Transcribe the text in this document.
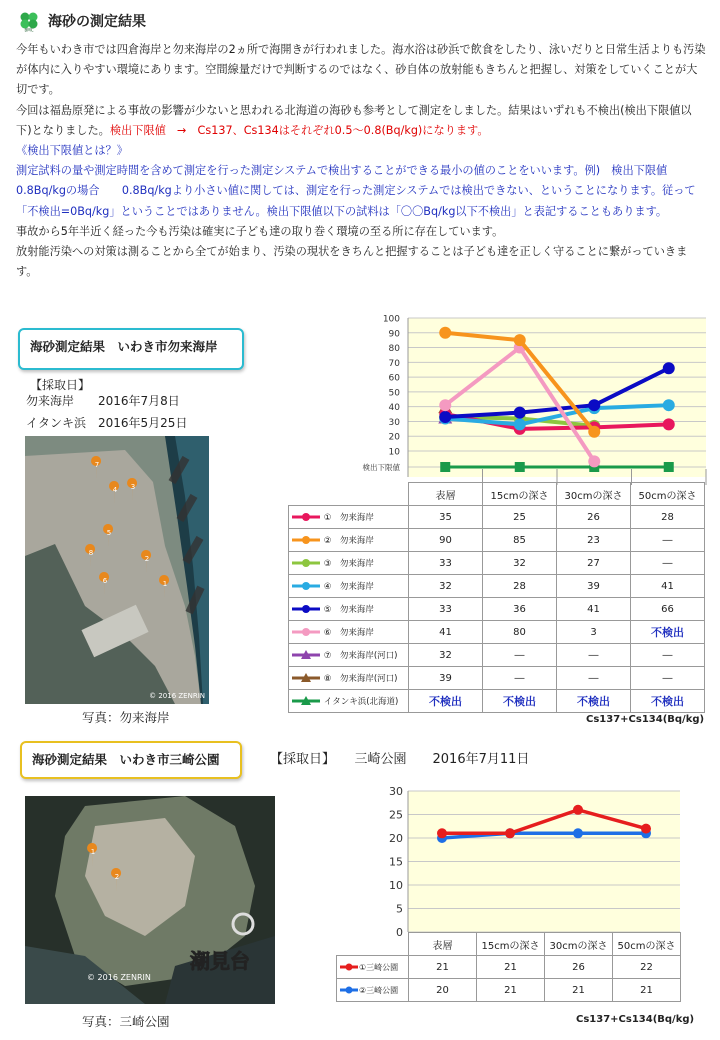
BMC 海砂の測定結果

今年もいわき市では四倉海岸と勿来海岸の2ヵ所で海開きが行われました。海水浴は砂浜で飲食をしたり、泳いだりと日常生活よりも汚染が体内に入りやすい環境にあります。空間線量だけで判断するのではなく、砂自体の放射能もきちんと把握し、対策をしていくことが大切です。

今回は福島原発による事故の影響が少ないと思われる北海道の海砂も参考として測定をしました。結果はいずれも不検出(検出下限値以下)となりました。検出下限値　→　Cs137、Cs134はそれぞれ0.5～0.8(Bq/kg)になります。

《検出下限値とは？》

測定試料の量や測定時間を含めて測定を行った測定システムで検出することができる最小の値のことをいいます。例)　検出下限値0.8Bq/kgの場合　　0.8Bq/kgより小さい値に関しては、測定を行った測定システムでは検出できない、ということになります。従って「不検出=0Bq/kg」ということではありません。検出下限値以下の試料は「〇〇Bq/kg以下不検出」と表記することもあります。

事故から5年半近く経った今も汚染は確実に子ども達の取り巻く環境の至る所に存在しています。

放射能汚染への対策は測ることから全てが始まり、汚染の現状をきちんと把握することは子ども達を正しく守ることに繋がっていきます。

海砂測定結果　いわき市勿来海岸
【採取日】
勿来海岸　　2016年7月8日
イタンキ浜　2016年5月25日
7
4 3
5
8
2
6	1
© 2016 ZENRIN
写真：勿来海岸
100
90
80
70
60
50
40
30
20
10
検出下限値
	表層	15cmの深さ	30cmの深さ	50cmの深さ
①　勿来海岸	35	25	26	28
②　勿来海岸	90	85	23	―
③　勿来海岸	33	32	27	―
④　勿来海岸	32	28	39	41
⑤　勿来海岸	33	36	41	66
⑥　勿来海岸	41	80	3	不検出
⑦　勿来海岸(河口)	32	―	―	―
⑧　勿来海岸(河口)	39	―	―	―
イタンキ浜(北海道)	不検出	不検出	不検出	不検出
Cs137+Cs134(Bq/kg)
海砂測定結果　いわき市三崎公園	【採取日】　　三崎公園　　2016年7月11日
1
2
潮見台
© 2016 ZENRIN
写真：三崎公園
30
25
20
15
10
5
0
	表層	15cmの深さ	30cmの深さ	50cmの深さ
①三崎公園	21	21	26	22
②三崎公園	20	21	21	21
Cs137+Cs134(Bq/kg)
